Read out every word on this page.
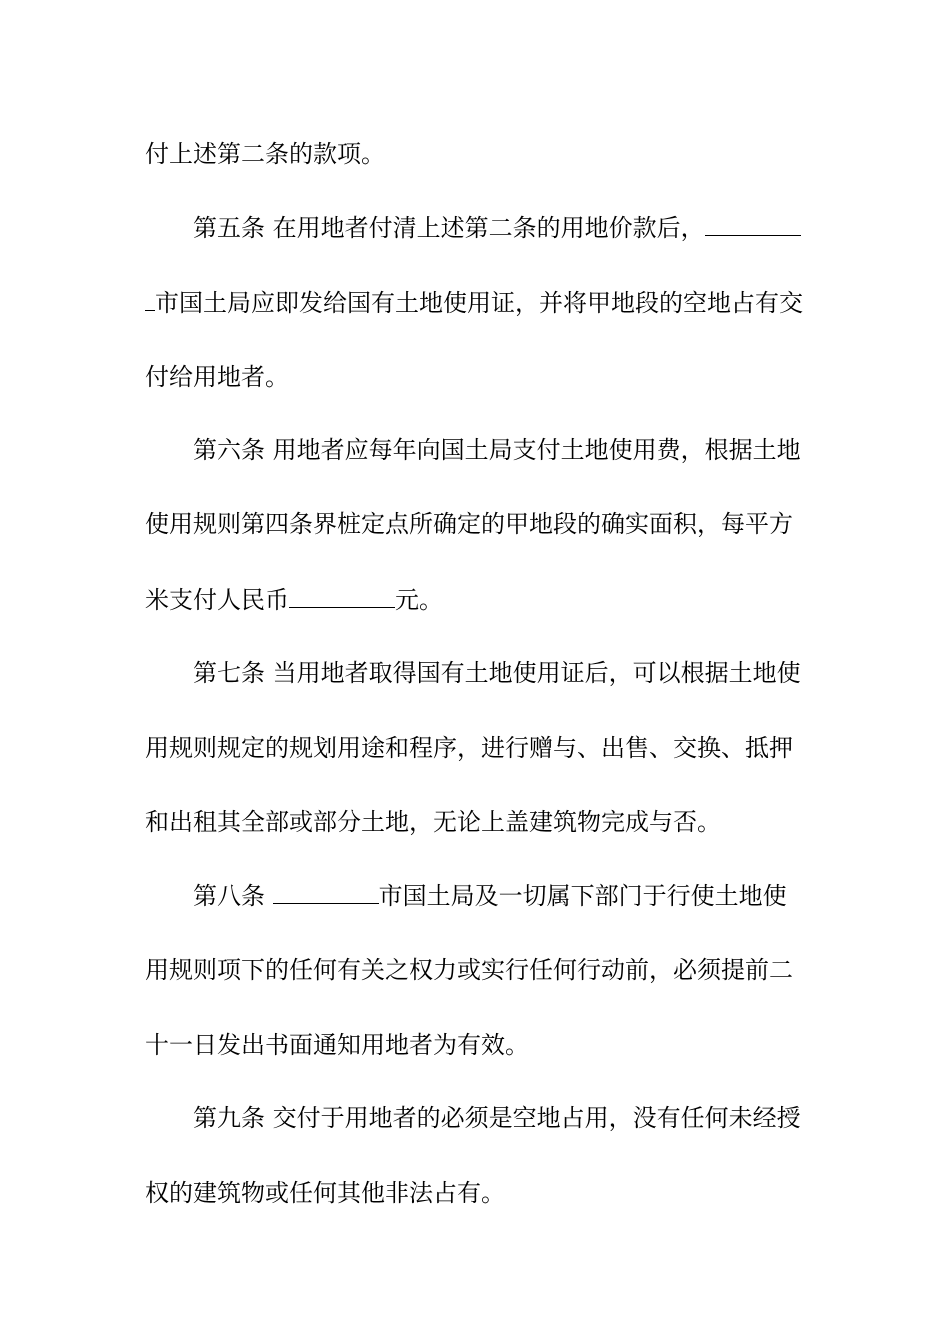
付上述第二条的款项。
第五条 在用地者付清上述第二条的用地价款后，
市国土局应即发给国有土地使用证，并将甲地段的空地占有交
付给用地者。
第六条 用地者应每年向国土局支付土地使用费，根据土地
使用规则第四条界桩定点所确定的甲地段的确实面积，每平方
米支付人民币	元。
第七条 当用地者取得国有土地使用证后，可以根据土地使
用规则规定的规划用途和程序，进行赠与、出售、交换、抵押
和出租其全部或部分土地，无论上盖建筑物完成与否。
第八条	市国土局及一切属下部门于行使土地使
用规则项下的任何有关之权力或实行任何行动前，必须提前二
十一日发出书面通知用地者为有效。
第九条 交付于用地者的必须是空地占用，没有任何未经授
权的建筑物或任何其他非法占有。
